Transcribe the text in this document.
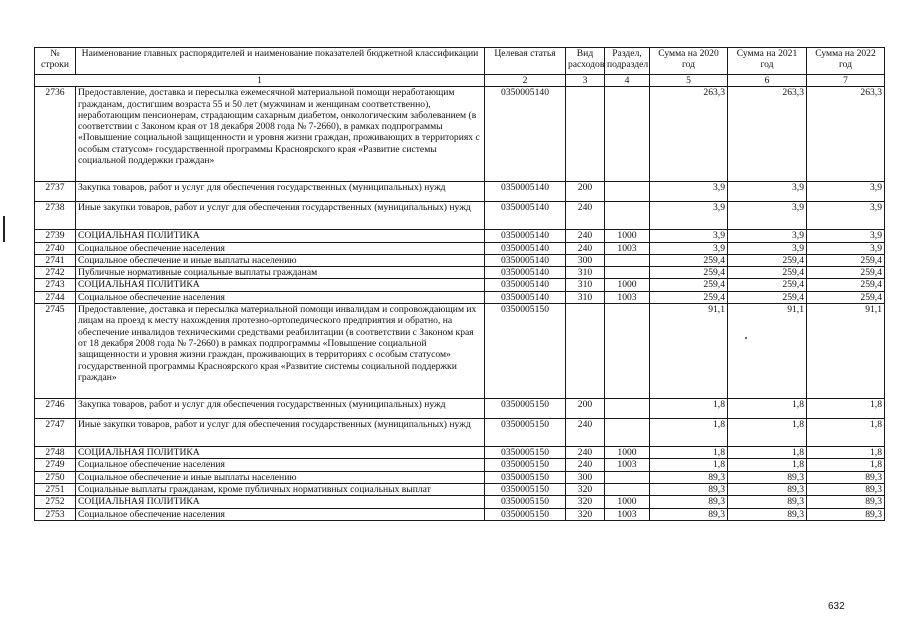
№ строки	Наименование главных распорядителей и наименование показателей бюджетной классификации	Целевая статья	Вид расходов	Раздел, подраздел	Сумма на 2020 год	Сумма на 2021 год	Сумма на 2022 год
1		2	3	4	5	6	7
2736	Предоставление, доставка и пересылка ежемесячной материальной помощи неработающим гражданам, достигшим возраста 55 и 50 лет (мужчинам и женщинам соответственно), неработающим пенсионерам, страдающим сахарным диабетом, онкологическим заболеванием (в соответствии с Законом края от 18 декабря 2008 года № 7-2660), в рамках подпрограммы «Повышение социальной защищенности и уровня жизни граждан, проживающих в территориях с особым статусом» государственной программы Красноярского края «Развитие системы социальной поддержки граждан»	0350005140			263,3	263,3	263,3
2737	Закупка товаров, работ и услуг для обеспечения государственных (муниципальных) нужд	0350005140	200		3,9	3,9	3,9
2738	Иные закупки товаров, работ и услуг для обеспечения государственных (муниципальных) нужд	0350005140	240		3,9	3,9	3,9
2739	СОЦИАЛЬНАЯ ПОЛИТИКА	0350005140	240	1000	3,9	3,9	3,9
2740	Социальное обеспечение населения	0350005140	240	1003	3,9	3,9	3,9
2741	Социальное обеспечение и иные выплаты населению	0350005140	300		259,4	259,4	259,4
2742	Публичные нормативные социальные выплаты гражданам	0350005140	310		259,4	259,4	259,4
2743	СОЦИАЛЬНАЯ ПОЛИТИКА	0350005140	310	1000	259,4	259,4	259,4
2744	Социальное обеспечение населения	0350005140	310	1003	259,4	259,4	259,4
2745	Предоставление, доставка и пересылка материальной помощи инвалидам и сопровождающим их лицам на проезд к месту нахождения протезно-ортопедического предприятия и обратно, на обеспечение инвалидов техническими средствами реабилитации (в соответствии с Законом края от 18 декабря 2008 года № 7-2660) в рамках подпрограммы «Повышение социальной защищенности и уровня жизни граждан, проживающих в территориях с особым статусом» государственной программы Красноярского края «Развитие системы социальной поддержки граждан»	0350005150			91,1	91,1	91,1
2746	Закупка товаров, работ и услуг для обеспечения государственных (муниципальных) нужд	0350005150	200		1,8	1,8	1,8
2747	Иные закупки товаров, работ и услуг для обеспечения государственных (муниципальных) нужд	0350005150	240		1,8	1,8	1,8
2748	СОЦИАЛЬНАЯ ПОЛИТИКА	0350005150	240	1000	1,8	1,8	1,8
2749	Социальное обеспечение населения	0350005150	240	1003	1,8	1,8	1,8
2750	Социальное обеспечение и иные выплаты населению	0350005150	300		89,3	89,3	89,3
2751	Социальные выплаты гражданам, кроме публичных нормативных социальных выплат	0350005150	320		89,3	89,3	89,3
2752	СОЦИАЛЬНАЯ ПОЛИТИКА	0350005150	320	1000	89,3	89,3	89,3
2753	Социальное обеспечение населения	0350005150	320	1003	89,3	89,3	89,3
632
